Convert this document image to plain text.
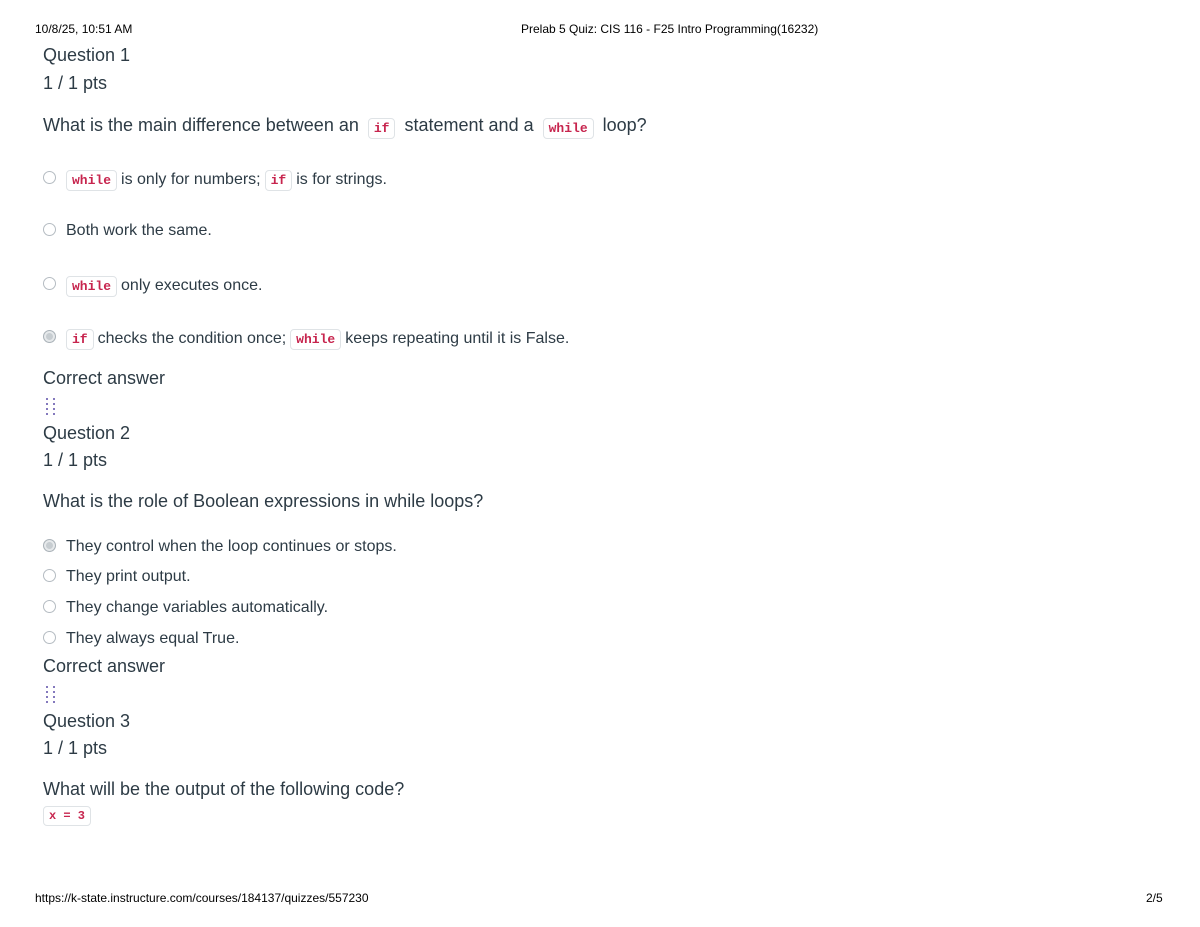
10/8/25, 10:51 AM	Prelab 5 Quiz: CIS 116 - F25 Intro Programming(16232)
Question 1
1 / 1 pts
What is the main difference between an if statement and a while loop?
while is only for numbers; if is for strings.
Both work the same.
while only executes once.
if checks the condition once; while keeps repeating until it is False.
Correct answer
Question 2
1 / 1 pts
What is the role of Boolean expressions in while loops?
They control when the loop continues or stops.
They print output.
They change variables automatically.
They always equal True.
Correct answer
Question 3
1 / 1 pts
What will be the output of the following code?
x = 3
https://k-state.instructure.com/courses/184137/quizzes/557230	2/5
